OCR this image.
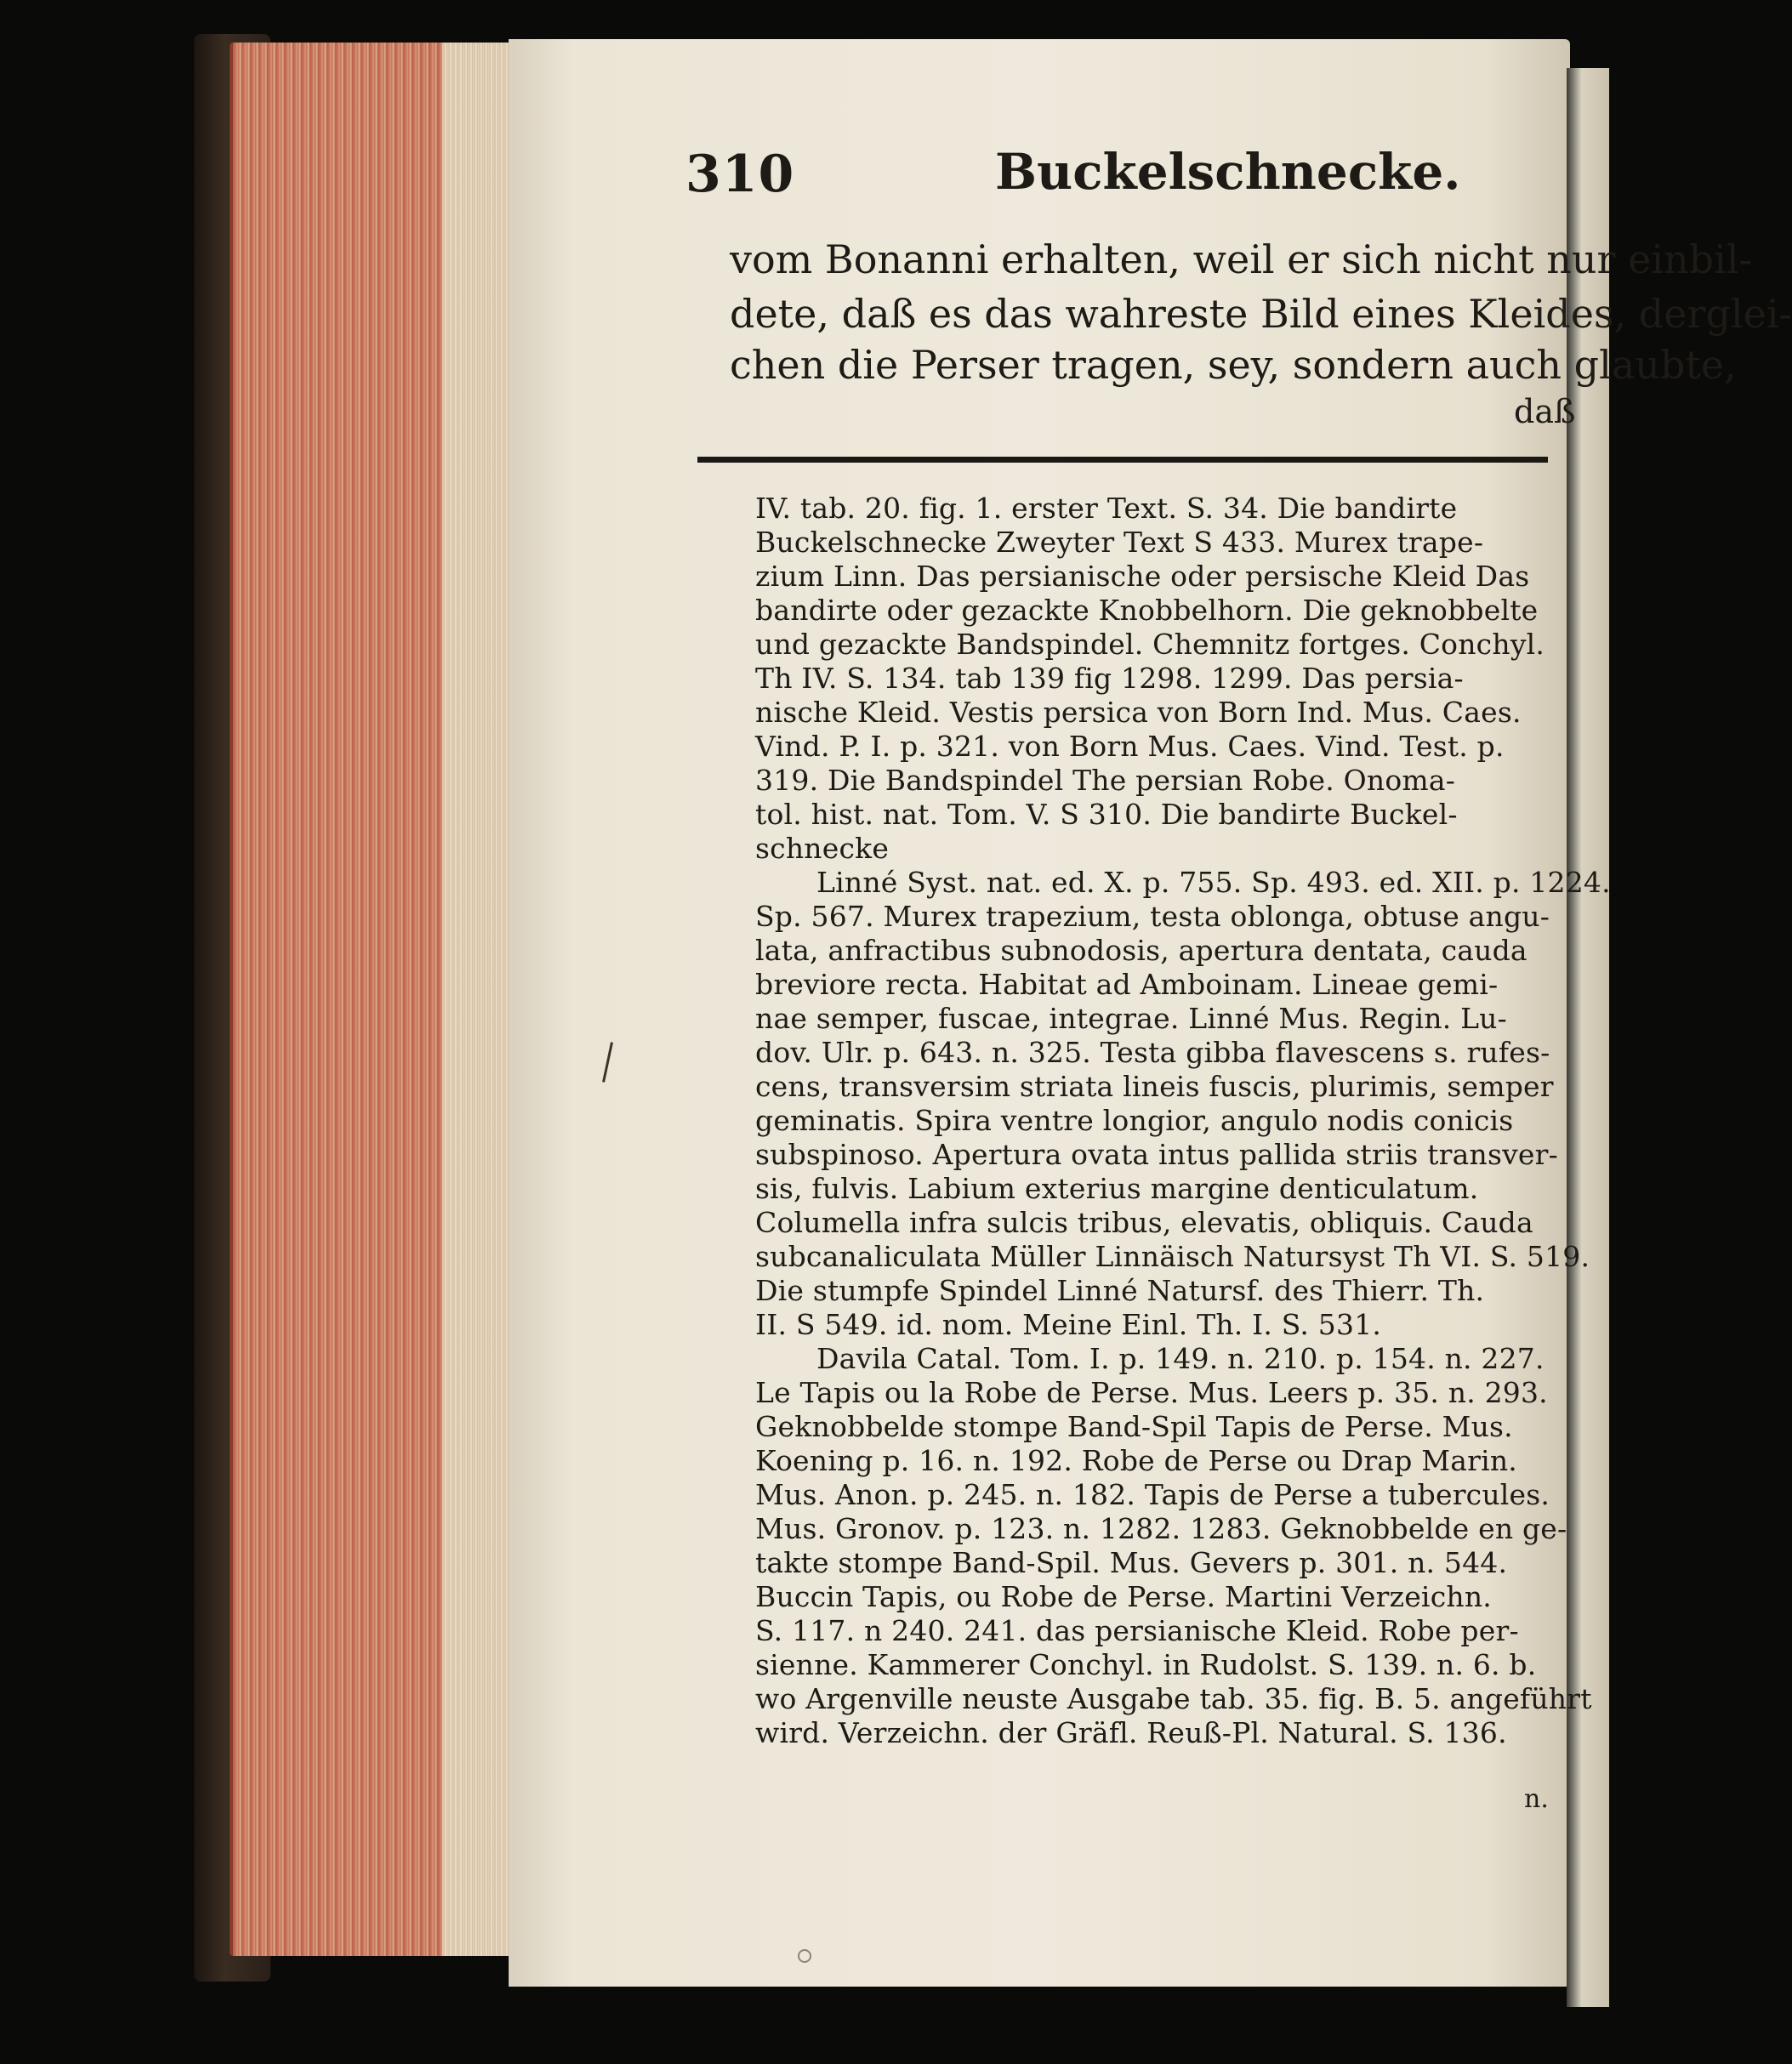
310	Buckelschnecke.
vom Bonanni erhalten, weil er sich nicht nur einbil-
dete, daß es das wahreste Bild eines Kleides, derglei-
chen die Perser tragen, sey, sondern auch glaubte,
daß
IV. tab. 20. fig. 1. erster Text. S. 34. Die bandirte
Buckelschnecke Zweyter Text S 433. Murex trape-
zium Linn. Das persianische oder persische Kleid Das
bandirte oder gezackte Knobbelhorn. Die geknobbelte
und gezackte Bandspindel. Chemnitz fortges. Conchyl.
Th IV. S. 134. tab 139 fig 1298. 1299. Das persia-
nische Kleid. Vestis persica von Born Ind. Mus. Caes.
Vind. P. I. p. 321. von Born Mus. Caes. Vind. Test. p.
319. Die Bandspindel The persian Robe. Onoma-
tol. hist. nat. Tom. V. S 310. Die bandirte Buckel-
schnecke
Linné Syst. nat. ed. X. p. 755. Sp. 493. ed. XII. p. 1224.
Sp. 567. Murex trapezium, testa oblonga, obtuse angu-
lata, anfractibus subnodosis, apertura dentata, cauda
breviore recta. Habitat ad Amboinam. Lineae gemi-
nae semper, fuscae, integrae. Linné Mus. Regin. Lu-
dov. Ulr. p. 643. n. 325. Testa gibba flavescens s. rufes-
cens, transversim striata lineis fuscis, plurimis, semper
geminatis. Spira ventre longior, angulo nodis conicis
subspinoso. Apertura ovata intus pallida striis transver-
sis, fulvis. Labium exterius margine denticulatum.
Columella infra sulcis tribus, elevatis, obliquis. Cauda
subcanaliculata Müller Linnäisch Natursyst Th VI. S. 519.
Die stumpfe Spindel Linné Natursf. des Thierr. Th.
II. S 549. id. nom. Meine Einl. Th. I. S. 531.
Davila Catal. Tom. I. p. 149. n. 210. p. 154. n. 227.
Le Tapis ou la Robe de Perse. Mus. Leers p. 35. n. 293.
Geknobbelde stompe Band-Spil Tapis de Perse. Mus.
Koening p. 16. n. 192. Robe de Perse ou Drap Marin.
Mus. Anon. p. 245. n. 182. Tapis de Perse a tubercules.
Mus. Gronov. p. 123. n. 1282. 1283. Geknobbelde en ge-
takte stompe Band-Spil. Mus. Gevers p. 301. n. 544.
Buccin Tapis, ou Robe de Perse. Martini Verzeichn.
S. 117. n 240. 241. das persianische Kleid. Robe per-
sienne. Kammerer Conchyl. in Rudolst. S. 139. n. 6. b.
wo Argenville neuste Ausgabe tab. 35. fig. B. 5. angeführt
wird. Verzeichn. der Gräfl. Reuß-Pl. Natural. S. 136.
n.
